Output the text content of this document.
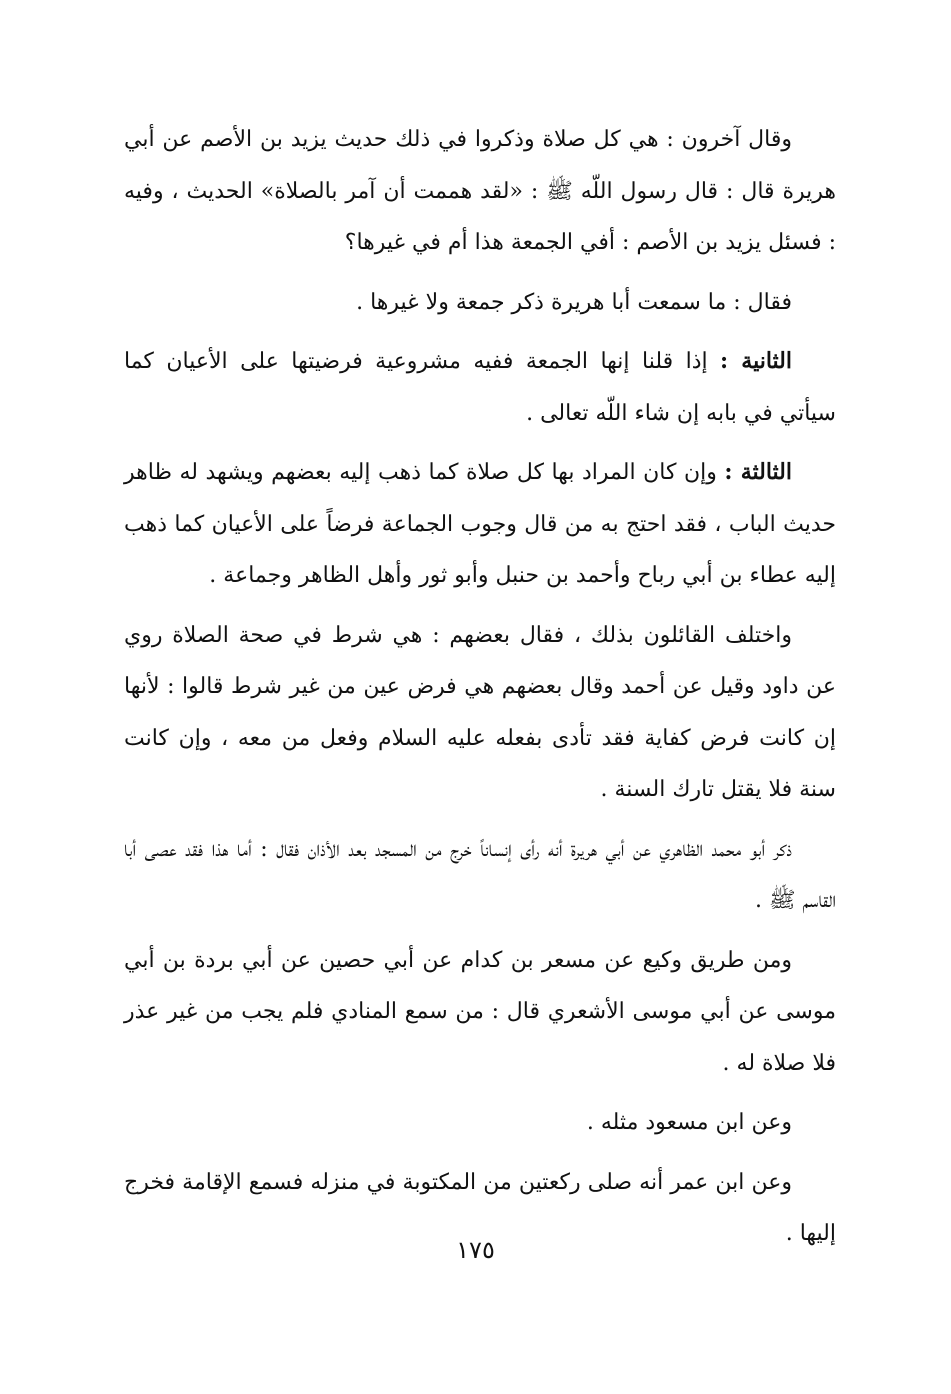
وقال آخرون : هي كل صلاة وذكروا في ذلك حديث يزيد بن الأصم عن أبي هريرة قال : قال رسول اللّه ﷺ : «لقد هممت أن آمر بالصلاة» الحديث ، وفيه : فسئل يزيد بن الأصم : أفي الجمعة هذا أم في غيرها؟

فقال : ما سمعت أبا هريرة ذكر جمعة ولا غيرها .

الثانية : إذا قلنا إنها الجمعة ففيه مشروعية فرضيتها على الأعيان كما سيأتي في بابه إن شاء اللّه تعالى .

الثالثة : وإن كان المراد بها كل صلاة كما ذهب إليه بعضهم ويشهد له ظاهر حديث الباب ، فقد احتج به من قال وجوب الجماعة فرضاً على الأعيان كما ذهب إليه عطاء بن أبي رباح وأحمد بن حنبل وأبو ثور وأهل الظاهر وجماعة .

واختلف القائلون بذلك ، فقال بعضهم : هي شرط في صحة الصلاة روي عن داود وقيل عن أحمد وقال بعضهم هي فرض عين من غير شرط قالوا : لأنها إن كانت فرض كفاية فقد تأدى بفعله عليه السلام وفعل من معه ، وإن كانت سنة فلا يقتل تارك السنة .

ذكر أبو محمد الظاهري عن أبي هريرة أنه رأى إنساناً خرج من المسجد بعد الأذان فقال : أما هذا فقد عصى أبا القاسم ﷺ .

ومن طريق وكيع عن مسعر بن كدام عن أبي حصين عن أبي بردة بن أبي موسى عن أبي موسى الأشعري قال : من سمع المنادي فلم يجب من غير عذر فلا صلاة له .

وعن ابن مسعود مثله .

وعن ابن عمر أنه صلى ركعتين من المكتوبة في منزله فسمع الإقامة فخرج إليها .

١٧٥
